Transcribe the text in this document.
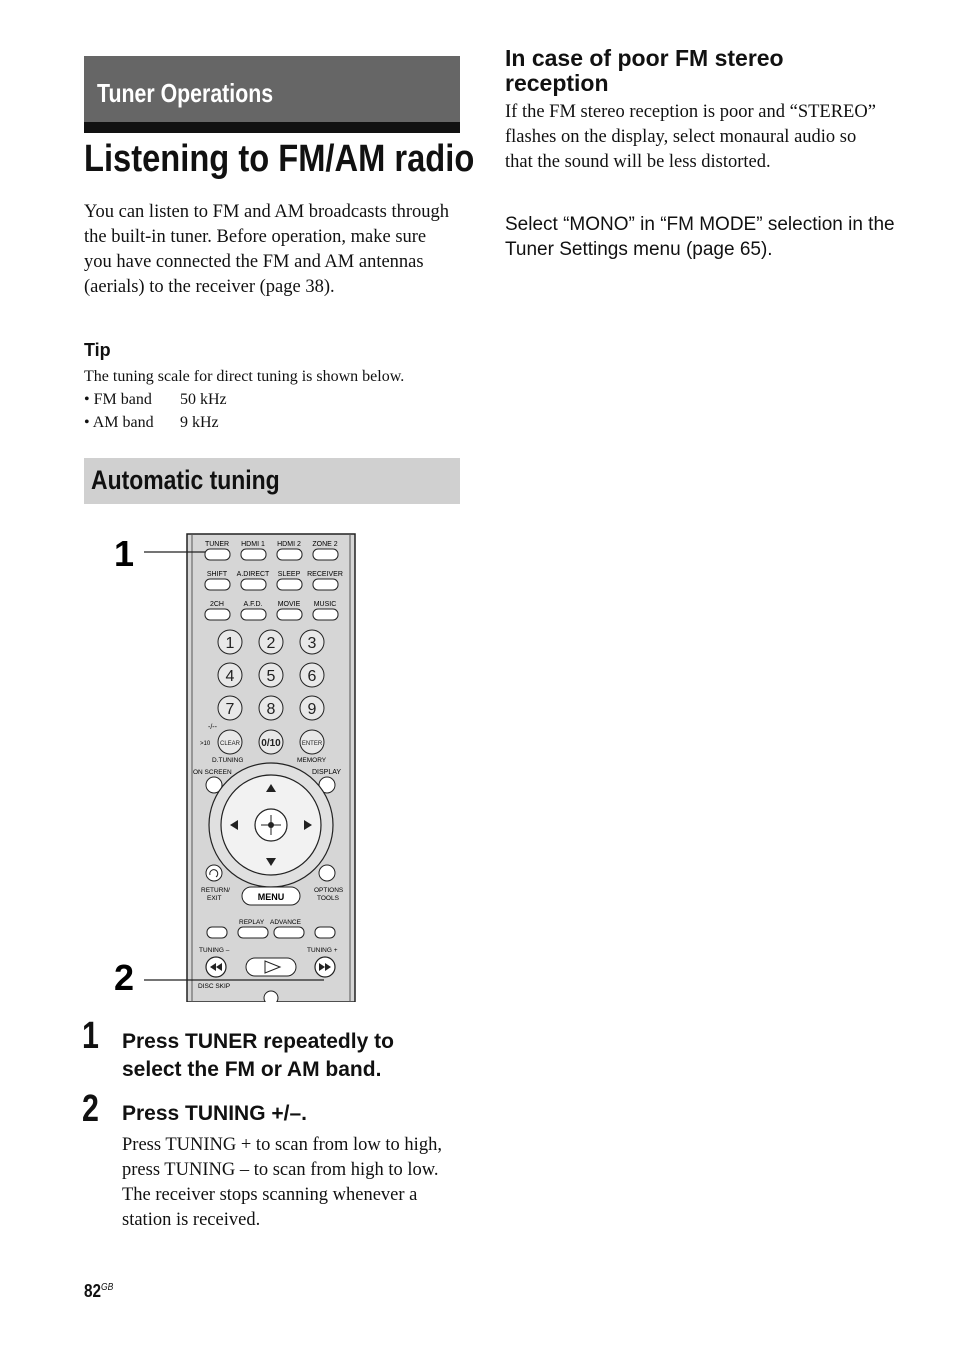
Tuner Operations
Listening to FM/AM radio
You can listen to FM and AM broadcasts through the built-in tuner. Before operation, make sure you have connected the FM and AM antennas (aerials) to the receiver (page 38).
Tip
The tuning scale for direct tuning is shown below.
• FM band 50 kHz
• AM band 9 kHz
Automatic tuning
1
2
TUNER HDMI 1 HDMI 2 ZONE 2
SHIFT A.DIRECT SLEEP RECEIVER
2CH	A.F.D. MOVIE MUSIC
1 2 3
4 5 6
7 8 9
CLEAR 0/10	ENTER
>10
-/--
D.TUNING	MEMORY
ON SCREEN	DISPLAY
RETURN/
EXIT	MENU
OPTIONS
TOOLS
REPLAY ADVANCE
TUNING –	TUNING +
DISC SKIP
1 Press TUNER repeatedly to select the FM or AM band.
2 Press TUNING +/–.
Press TUNING + to scan from low to high, press TUNING – to scan from high to low.
The receiver stops scanning whenever a station is received.
In case of poor FM stereo reception
If the FM stereo reception is poor and “STEREO” flashes on the display, select monaural audio so that the sound will be less distorted.
Select “MONO” in “FM MODE” selection in the Tuner Settings menu (page 65).
$82^{GB}$
